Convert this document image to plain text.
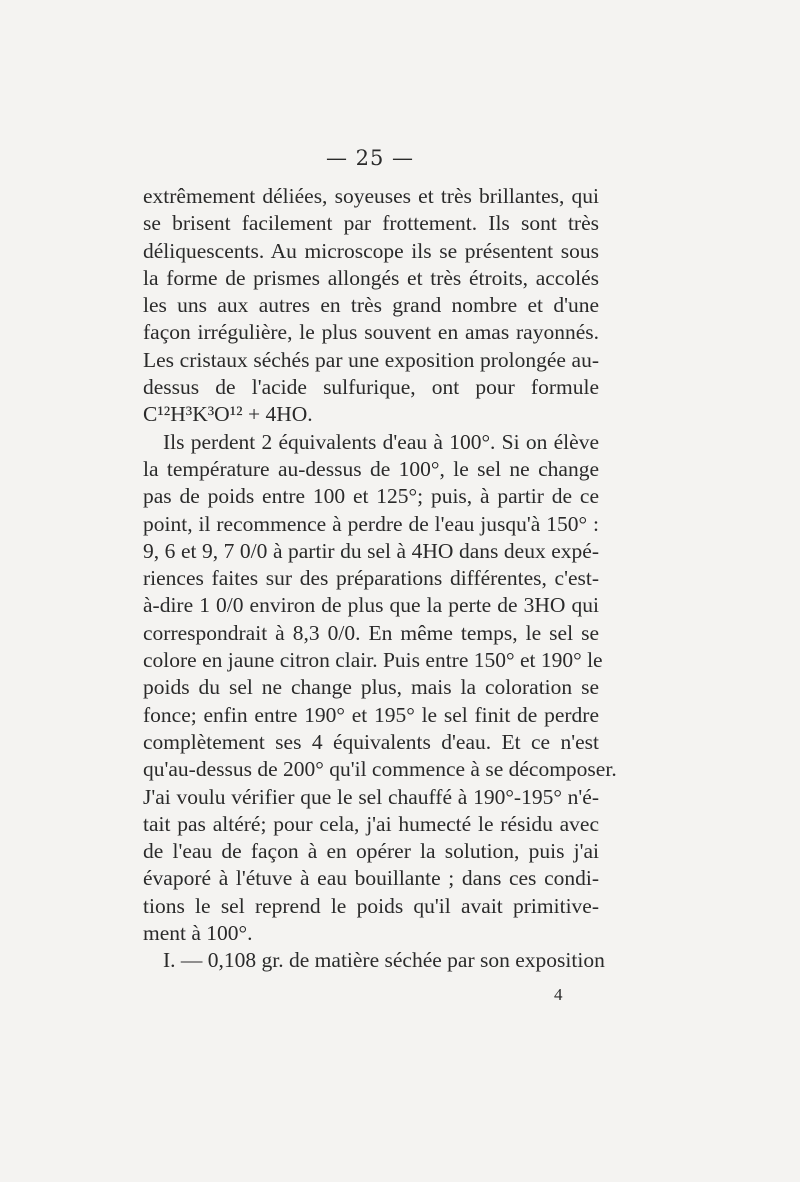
— 25 —
extrêmement déliées, soyeuses et très brillantes, qui
se brisent facilement par frottement. Ils sont très
déliquescents. Au microscope ils se présentent sous
la forme de prismes allongés et très étroits, accolés
les uns aux autres en très grand nombre et d'une
façon irrégulière, le plus souvent en amas rayonnés.
Les cristaux séchés par une exposition prolongée au-
dessus de l'acide sulfurique, ont pour formule
C¹²H³K³O¹² + 4HO.
Ils perdent 2 équivalents d'eau à 100°. Si on élève
la température au-dessus de 100°, le sel ne change
pas de poids entre 100 et 125°; puis, à partir de ce
point, il recommence à perdre de l'eau jusqu'à 150° :
9, 6 et 9, 7 0/0 à partir du sel à 4HO dans deux expé-
riences faites sur des préparations différentes, c'est-
à-dire 1 0/0 environ de plus que la perte de 3HO qui
correspondrait à 8,3 0/0. En même temps, le sel se
colore en jaune citron clair. Puis entre 150° et 190° le
poids du sel ne change plus, mais la coloration se
fonce; enfin entre 190° et 195° le sel finit de perdre
complètement ses 4 équivalents d'eau. Et ce n'est
qu'au-dessus de 200° qu'il commence à se décomposer.
J'ai voulu vérifier que le sel chauffé à 190°-195° n'é-
tait pas altéré; pour cela, j'ai humecté le résidu avec
de l'eau de façon à en opérer la solution, puis j'ai
évaporé à l'étuve à eau bouillante ; dans ces condi-
tions le sel reprend le poids qu'il avait primitive-
ment à 100°.
I. — 0,108 gr. de matière séchée par son exposition
4
